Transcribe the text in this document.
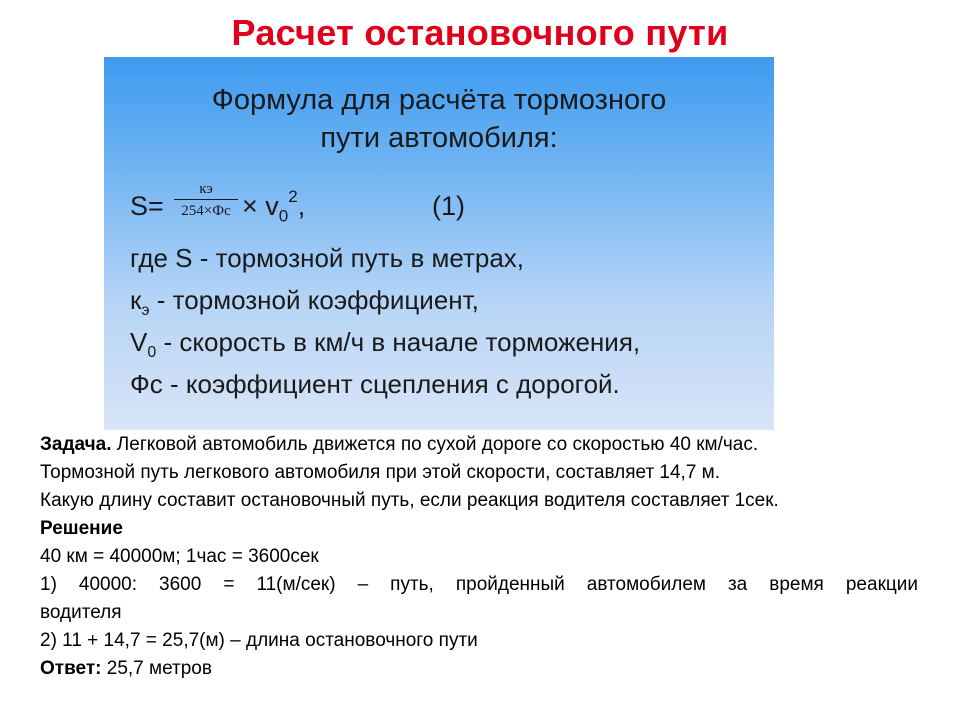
Расчет остановочного пути
Формула для расчёта тормозного
пути автомобиля:
S=
кэ
$254\times Фс \times v_0^2$,	(1)
где S - тормозной путь в метрах,
$к_э$ - тормозной коэффициент,
$V_0$ - скорость в км/ч в начале торможения,
Фс - коэффициент сцепления с дорогой.

Задача. Легковой автомобиль движется по сухой дороге со скоростью 40 км/час.

Тормозной путь легкового автомобиля при этой скорости, составляет 14,7 м.

Какую длину составит остановочный путь, если реакция водителя составляет 1сек.

Решение

40 км = 40000м; 1час = 3600сек

1) 40000: 3600 = 11(м/сек) – путь, пройденный автомобилем за время реакции

водителя

2) 11 + 14,7 = 25,7(м) – длина остановочного пути

Ответ: 25,7 метров
